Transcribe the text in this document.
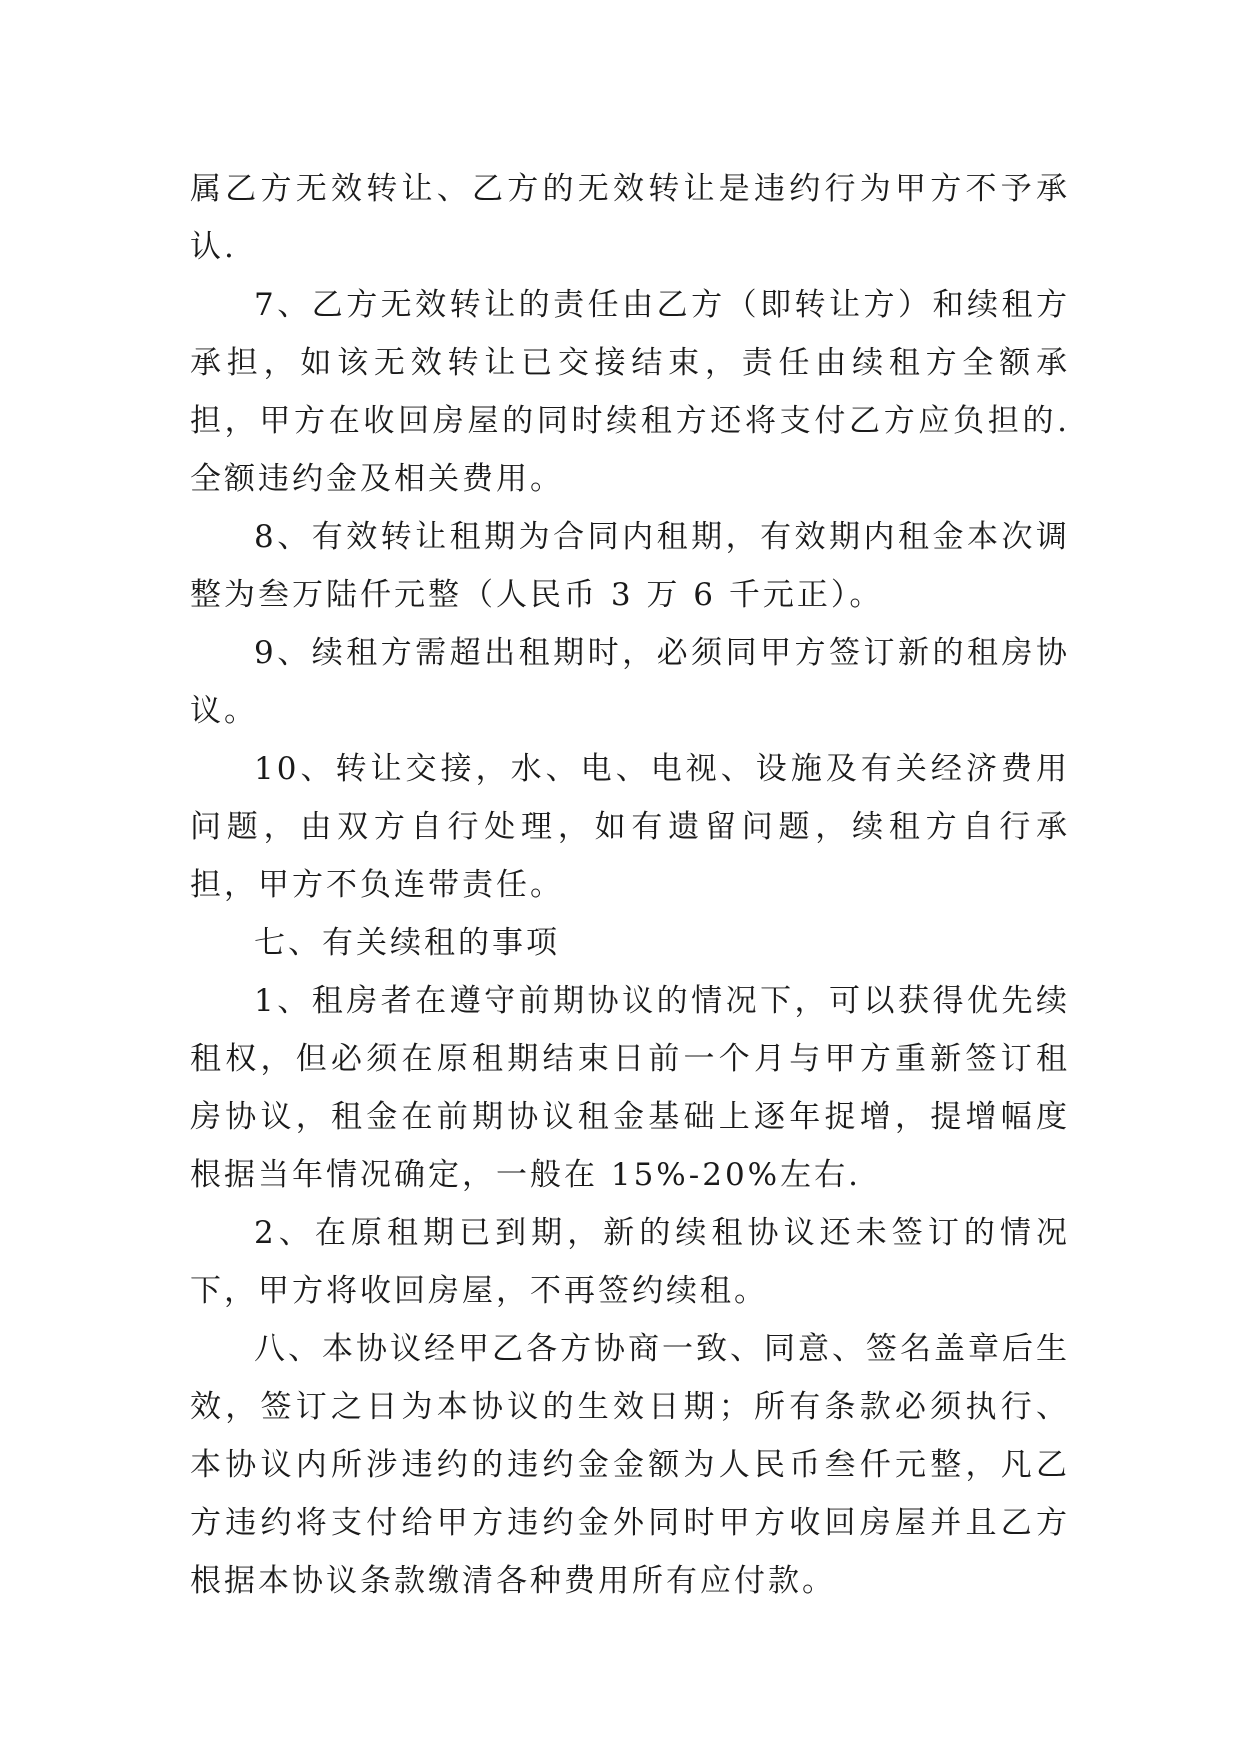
属乙方无效转让、乙方的无效转让是违约行为甲方不予承认.

7、乙方无效转让的责任由乙方（即转让方）和续租方承担，如该无效转让已交接结束，责任由续租方全额承担，甲方在收回房屋的同时续租方还将支付乙方应负担的.全额违约金及相关费用。

8、有效转让租期为合同内租期，有效期内租金本次调整为叁万陆仟元整（人民币 3 万 6 千元正）。

9、续租方需超出租期时，必须同甲方签订新的租房协议。

10、转让交接，水、电、电视、设施及有关经济费用问题，由双方自行处理，如有遗留问题，续租方自行承担，甲方不负连带责任。

七、有关续租的事项

1、租房者在遵守前期协议的情况下，可以获得优先续租权，但必须在原租期结束日前一个月与甲方重新签订租房协议，租金在前期协议租金基础上逐年捉增，提增幅度根据当年情况确定，一般在 15%-20%左右.

2、在原租期已到期，新的续租协议还未签订的情况下，甲方将收回房屋，不再签约续租。

八、本协议经甲乙各方协商一致、同意、签名盖章后生效，签订之日为本协议的生效日期；所有条款必须执行、本协议内所涉违约的违约金金额为人民币叁仟元整，凡乙方违约将支付给甲方违约金外同时甲方收回房屋并且乙方根据本协议条款缴清各种费用所有应付款。
